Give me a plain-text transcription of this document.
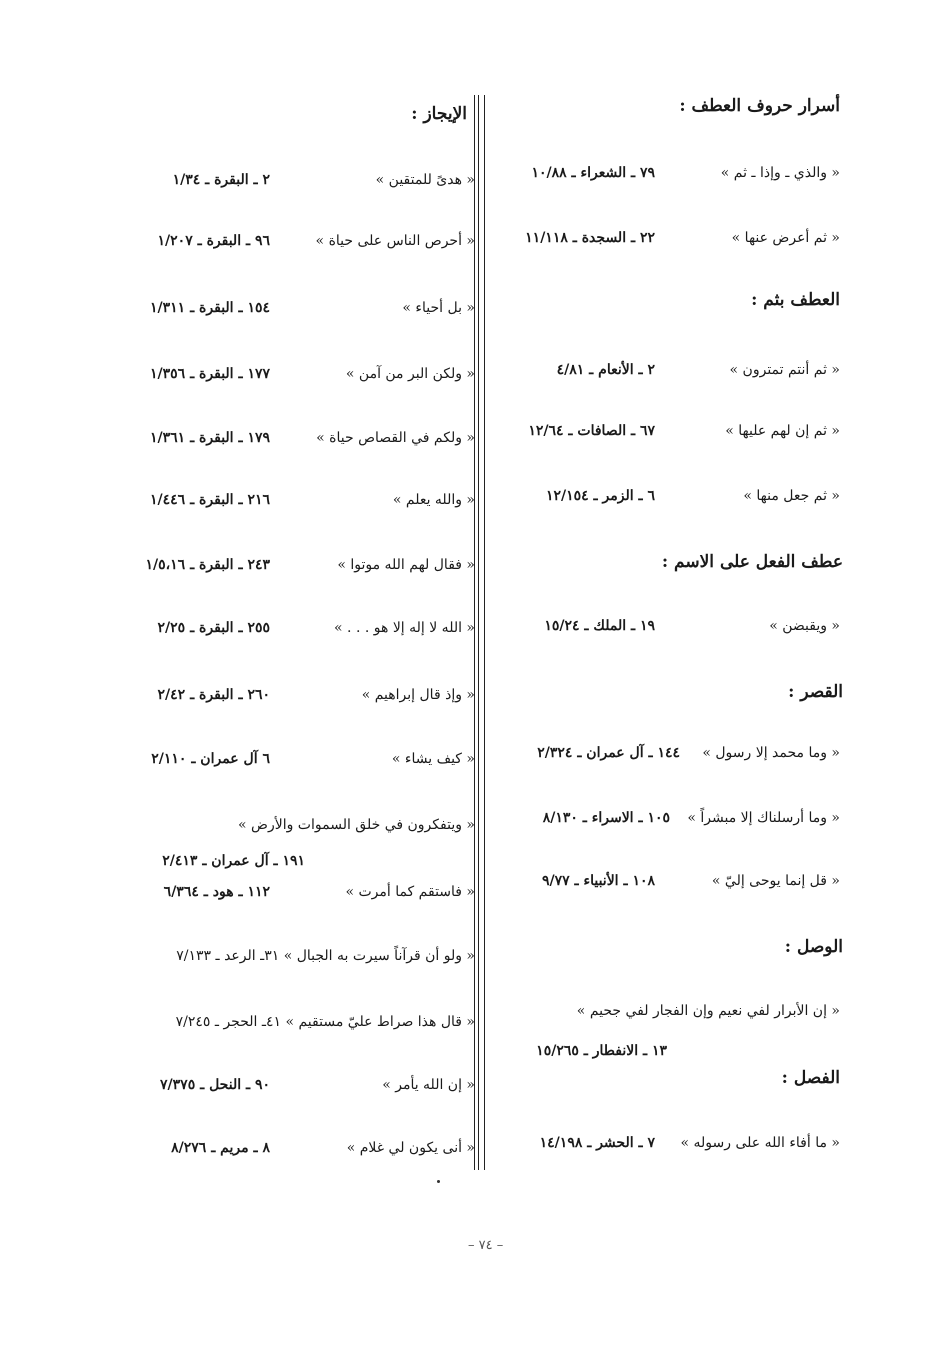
أسرار حروف العطف :
« والذي ـ وإذا ـ ثم »
٧٩ ـ الشعراء ـ ١٠/٨٨
« ثم أعرض عنها »
٢٢ ـ السجدة ـ ١١/١١٨
العطف بثم :
« ثم أنتم تمترون »
٢ ـ الأنعام ـ ٤/٨١
« ثم إن لهم عليها »
٦٧ ـ الصافات ـ ١٢/٦٤
« ثم جعل منها »
٦ ـ الزمر ـ ١٢/١٥٤
عطف الفعل على الاسم :
« ويقبضن »
١٩ ـ الملك ـ ١٥/٢٤
القصر :
« وما محمد إلا رسول »
١٤٤ ـ آل عمران ـ ٢/٣٢٤
« وما أرسلناك إلا مبشراً »
١٠٥ ـ الاسراء ـ ٨/١٣٠
« قل إنما يوحى إليّ »
١٠٨ ـ الأنبياء ـ ٩/٧٧
الوصل :
« إن الأبرار لفي نعيم وإن الفجار لفي جحيم »
١٣ ـ الانفطار ـ ١٥/٢٦٥
الفصل :
« ما أفاء الله على رسوله »
٧ ـ الحشر ـ ١٤/١٩٨
الإيجاز :
« هدىً للمتقين »
٢ ـ البقرة ـ ١/٣٤
« أحرص الناس على حياة »
٩٦ ـ البقرة ـ ١/٢٠٧
« بل أحياء »
١٥٤ ـ البقرة ـ ١/٣١١
« ولكن البر من آمن »
١٧٧ ـ البقرة ـ ١/٣٥٦
« ولكم في القصاص حياة »
١٧٩ ـ البقرة ـ ١/٣٦١
« والله يعلم »
٢١٦ ـ البقرة ـ ١/٤٤٦
« فقال لهم الله موتوا »
٢٤٣ ـ البقرة ـ ١/٥،١٦
« الله لا إله إلا هو . . . »
٢٥٥ ـ البقرة ـ ٢/٢٥
« وإذ قال إبراهيم »
٢٦٠ ـ البقرة ـ ٢/٤٢
« كيف يشاء »
٦ آل عمران ـ ٢/١١٠
« ويتفكرون في خلق السموات والأرض »
١٩١ ـ آل عمران ـ ٢/٤١٣
« فاستقم كما أمرت »
١١٢ ـ هود ـ ٦/٣٦٤
« ولو أن قرآناً سيرت به الجبال » ٣١ـ الرعد ـ ٧/١٣٣
« قال هذا صراط عليّ مستقيم » ٤١ـ الحجر ـ ٧/٢٤٥
« إن الله يأمر »
٩٠ ـ النحل ـ ٧/٣٧٥
« أنى يكون لي غلام »
٨ ـ مريم ـ ٨/٢٧٦
– ٧٤ –
